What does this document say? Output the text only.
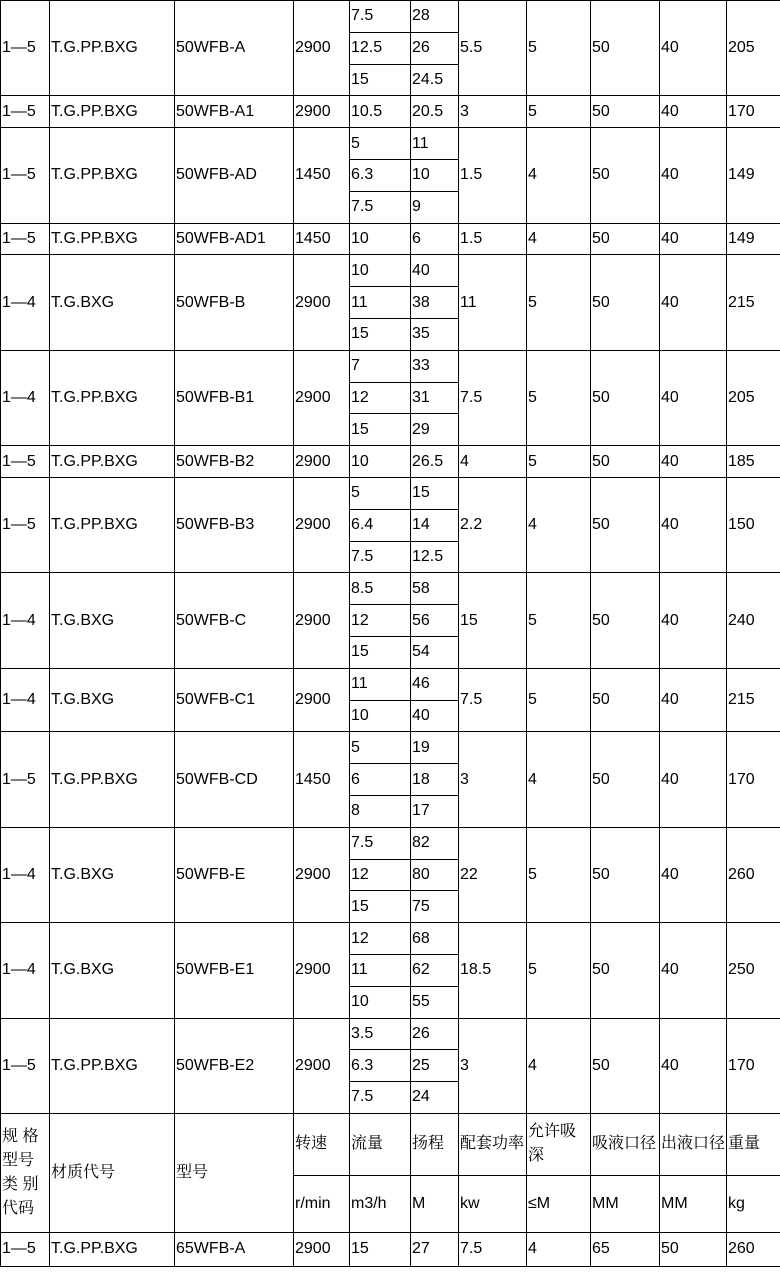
1—5	T.G.PP.BXG	50WFB-A	2900	7.5	28	5.5	5	50	40	205
				12.5	26					
				15	24.5					
1—5	T.G.PP.BXG	50WFB-A1	2900	10.5	20.5	3	5	50	40	170
1—5	T.G.PP.BXG	50WFB-AD	1450	5	11	1.5	4	50	40	149
				6.3	10					
				7.5	9					
1—5	T.G.PP.BXG	50WFB-AD1	1450	10	6	1.5	4	50	40	149
1—4	T.G.BXG	50WFB-B	2900	10	40	11	5	50	40	215
				11	38					
				15	35					
1—4	T.G.PP.BXG	50WFB-B1	2900	7	33	7.5	5	50	40	205
				12	31					
				15	29					
1—5	T.G.PP.BXG	50WFB-B2	2900	10	26.5	4	5	50	40	185
1—5	T.G.PP.BXG	50WFB-B3	2900	5	15	2.2	4	50	40	150
				6.4	14					
				7.5	12.5					
1—4	T.G.BXG	50WFB-C	2900	8.5	58	15	5	50	40	240
				12	56					
				15	54					
1—4	T.G.BXG	50WFB-C1	2900	11	46	7.5	5	50	40	215
				10	40					
1—5	T.G.PP.BXG	50WFB-CD	1450	5	19	3	4	50	40	170
				6	18					
				8	17					
1—4	T.G.BXG	50WFB-E	2900	7.5	82	22	5	50	40	260
				12	80					
				15	75					
1—4	T.G.BXG	50WFB-E1	2900	12	68	18.5	5	50	40	250
				11	62					
				10	55					
1—5	T.G.PP.BXG	50WFB-E2	2900	3.5	26	3	4	50	40	170
				6.3	25					
				7.5	24					
规 格 型号 类 别 代码	材质代号	型号	转速	流量	扬程	配套功率	允许吸深	吸液口径	出液口径	重量
			r/min	m3/h	M	kw	≤M	MM	MM	kg
1—5	T.G.PP.BXG	65WFB-A	2900	15	27	7.5	4	65	50	260
